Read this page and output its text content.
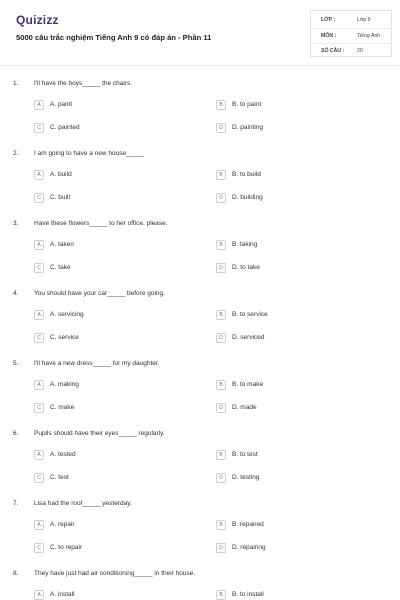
Quizizz
5000 câu trắc nghiệm Tiếng Anh 9 có đáp án - Phần 11
LỚP :	Lớp 9
MÔN :	Tiếng Anh
SỐ CÂU : 20
1. I'll have the boys_____ the chairs.
A	A. paint	B	B. to paint
C	C. painted	D	D. painting
2. I am going to have a new house_____
A	A. build	B	B. to build
C	C. built	D	D. building
3. Have these flowers_____ to her office, please.
A	A. taken	B	B. taking
C	C. take	D	D. to take
4. You should have your car_____ before going.
A	A. servicing	B	B. to service
C	C. service	D	D. serviced
5. I'll have a new dress_____ for my daughter.
A	A. making	B	B. to make
C	C. make	D	D. made
6. Pupils should have their eyes_____ regularly.
A	A. tested	B	B. to test
C	C. test	D	D. testing
7. Lisa had the roof_____ yesterday.
A	A. repair	B	B. repaired
C	C. to repair	D	D. repairing
8. They have just had air conditioning_____ in their house.
A	A. install	B	B. to install
